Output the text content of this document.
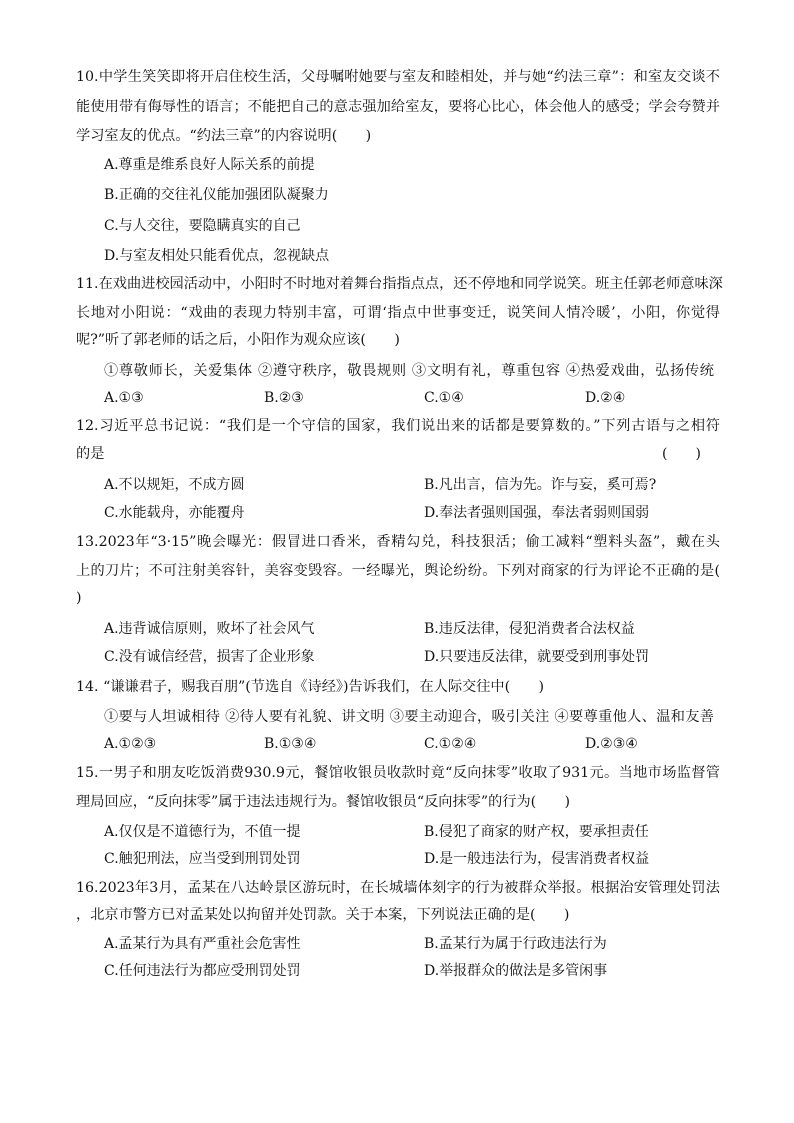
10.中学生笑笑即将开启住校生活，父母嘱咐她要与室友和睦相处，并与她“约法三章”：和室友交谈不
能使用带有侮辱性的语言；不能把自己的意志强加给室友，要将心比心，体会他人的感受；学会夸赞并
学习室友的优点。“约法三章”的内容说明(　　)
A.尊重是维系良好人际关系的前提
B.正确的交往礼仪能加强团队凝聚力
C.与人交往，要隐瞒真实的自己
D.与室友相处只能看优点，忽视缺点
11.在戏曲进校园活动中，小阳时不时地对着舞台指指点点，还不停地和同学说笑。班主任郭老师意味深
长地对小阳说：“戏曲的表现力特别丰富，可谓‘指点中世事变迁，说笑间人情冷暖’，小阳，你觉得
呢?”听了郭老师的话之后，小阳作为观众应该(　　)
①尊敬师长，关爱集体 ②遵守秩序，敬畏规则 ③文明有礼，尊重包容 ④热爱戏曲，弘扬传统
A.①③	B.②③	C.①④	D.②④
12.习近平总书记说：“我们是一个守信的国家，我们说出来的话都是要算数的。”下列古语与之相符
的是	(　　)
A.不以规矩，不成方圆	B.凡出言，信为先。诈与妄，奚可焉?
C.水能载舟，亦能覆舟	D.奉法者强则国强，奉法者弱则国弱
13.2023年“3·15”晚会曝光：假冒进口香米，香精勾兑，科技狠活；偷工减料“塑料头盔”，戴在头
上的刀片；不可注射美容针，美容变毁容。一经曝光，舆论纷纷。下列对商家的行为评论不正确的是(
)
A.违背诚信原则，败坏了社会风气	B.违反法律，侵犯消费者合法权益
C.没有诚信经营，损害了企业形象	D.只要违反法律，就要受到刑事处罚
14. “谦谦君子，赐我百朋”(节选自《诗经》)告诉我们，在人际交往中(　　)
①要与人坦诚相待 ②待人要有礼貌、讲文明 ③要主动迎合，吸引关注 ④要尊重他人、温和友善
A.①②③	B.①③④	C.①②④	D.②③④
15.一男子和朋友吃饭消费930.9元，餐馆收银员收款时竟“反向抹零”收取了931元。当地市场监督管
理局回应，“反向抹零”属于违法违规行为。餐馆收银员“反向抹零”的行为(　　)
A.仅仅是不道德行为，不值一提	B.侵犯了商家的财产权，要承担责任
C.触犯刑法，应当受到刑罚处罚	D.是一般违法行为，侵害消费者权益
16.2023年3月，孟某在八达岭景区游玩时，在长城墙体刻字的行为被群众举报。根据治安管理处罚法
，北京市警方已对孟某处以拘留并处罚款。关于本案，下列说法正确的是(　　)
A.孟某行为具有严重社会危害性	B.孟某行为属于行政违法行为
C.任何违法行为都应受刑罚处罚	D.举报群众的做法是多管闲事
